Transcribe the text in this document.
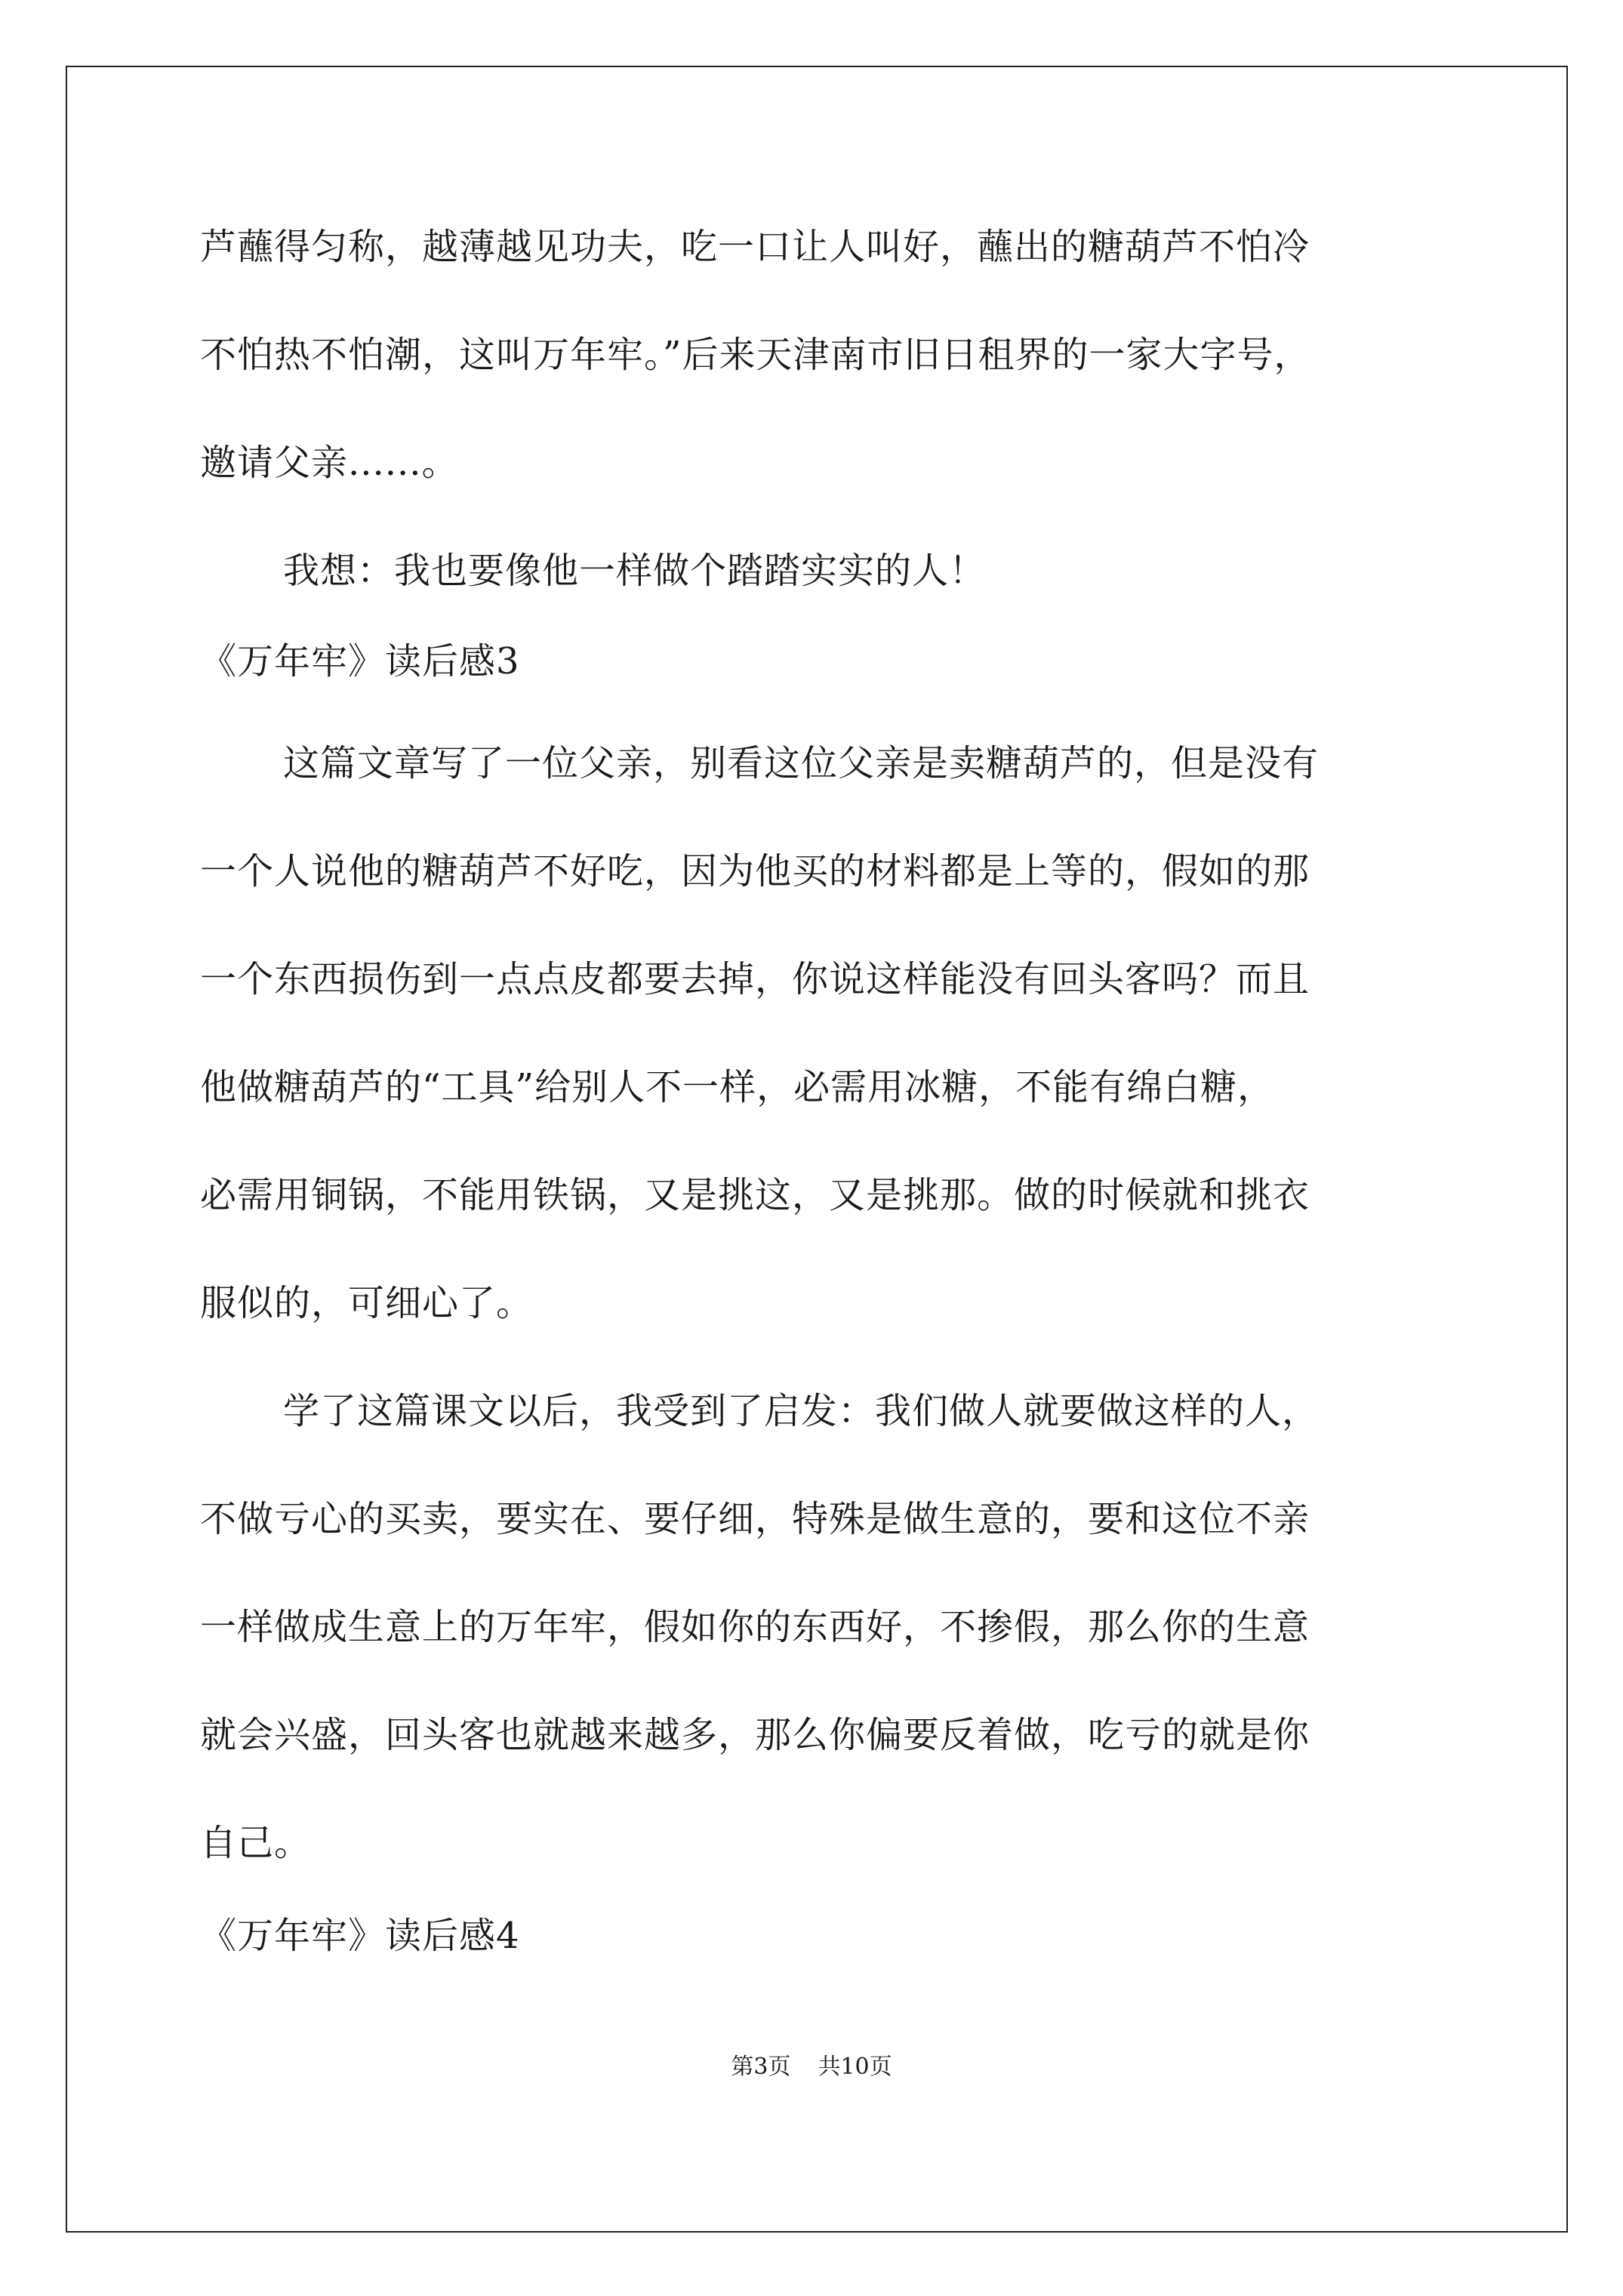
芦蘸得匀称，越薄越见功夫，吃一口让人叫好，蘸出的糖葫芦不怕冷
不怕热不怕潮，这叫万年牢。”后来天津南市旧日租界的一家大字号，
邀请父亲......。
我想：我也要像他一样做个踏踏实实的人！
《万年牢》读后感3
这篇文章写了一位父亲，别看这位父亲是卖糖葫芦的，但是没有
一个人说他的糖葫芦不好吃，因为他买的材料都是上等的，假如的那
一个东西损伤到一点点皮都要去掉，你说这样能没有回头客吗？而且
他做糖葫芦的“工具”给别人不一样，必需用冰糖，不能有绵白糖，
必需用铜锅，不能用铁锅，又是挑这，又是挑那。做的时候就和挑衣
服似的，可细心了。
学了这篇课文以后，我受到了启发：我们做人就要做这样的人，
不做亏心的买卖，要实在、要仔细，特殊是做生意的，要和这位不亲
一样做成生意上的万年牢，假如你的东西好，不掺假，那么你的生意
就会兴盛，回头客也就越来越多，那么你偏要反着做，吃亏的就是你
自己。
《万年牢》读后感4
第3页 共10页
